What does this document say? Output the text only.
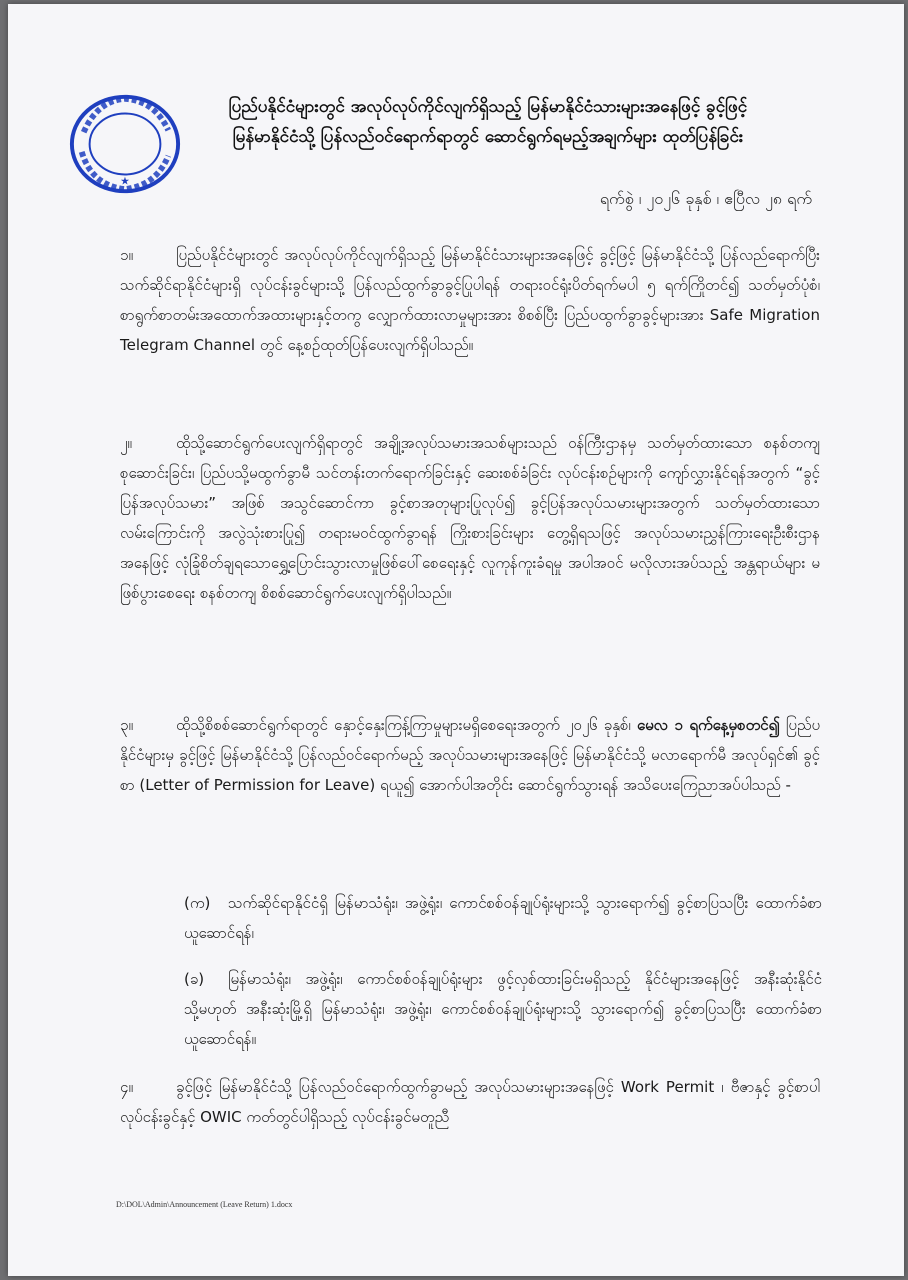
★
ပြည်ပနိုင်ငံများတွင် အလုပ်လုပ်ကိုင်လျက်ရှိသည့် မြန်မာနိုင်ငံသားများအနေဖြင့် ခွင့်ဖြင့်
မြန်မာနိုင်ငံသို့ ပြန်လည်ဝင်ရောက်ရာတွင် ဆောင်ရွက်ရမည့်အချက်များ ထုတ်ပြန်ခြင်း
ရက်စွဲ ၊ ၂၀၂၆ ခုနှစ် ၊ ဧပြီလ ၂၈ ရက်
၁။	ပြည်ပနိုင်ငံများတွင် အလုပ်လုပ်ကိုင်လျက်ရှိသည့် မြန်မာနိုင်ငံသားများအနေဖြင့် ခွင့်ဖြင့် မြန်မာနိုင်ငံသို့ ပြန်လည်ရောက်ပြီး သက်ဆိုင်ရာနိုင်ငံများရှိ လုပ်ငန်းခွင်များသို့ ပြန်လည်ထွက်ခွာခွင့်ပြုပါရန် တရားဝင်ရုံးပိတ်ရက်မပါ ၅ ရက်ကြိုတင်၍ သတ်မှတ်ပုံစံ၊ စာရွက်စာတမ်းအထောက်အထားများနှင့်တကွ လျှောက်ထားလာမှုများအား စိစစ်ပြီး ပြည်ပထွက်ခွာခွင့်များအား Safe Migration Telegram Channel တွင် နေ့စဉ်ထုတ်ပြန်ပေးလျက်ရှိပါသည်။
၂။	ထိုသို့ဆောင်ရွက်ပေးလျက်ရှိရာတွင် အချို့အလုပ်သမားအသစ်များသည် ဝန်ကြီးဌာနမှ သတ်မှတ်ထားသော စနစ်တကျ စုဆောင်းခြင်း၊ ပြည်ပသို့မထွက်ခွာမီ သင်တန်းတက်ရောက်ခြင်းနှင့် ဆေးစစ်ခံခြင်း လုပ်ငန်းစဉ်များကို ကျော်လွှားနိုင်ရန်အတွက် “ခွင့်ပြန်အလုပ်သမား” အဖြစ် အသွင်ဆောင်ကာ ခွင့်စာအတုများပြုလုပ်၍ ခွင့်ပြန်အလုပ်သမားများအတွက် သတ်မှတ်ထားသောလမ်းကြောင်းကို အလွဲသုံးစားပြု၍ တရားမဝင်ထွက်ခွာရန် ကြိုးစားခြင်းများ တွေ့ရှိရသဖြင့် အလုပ်သမားညွှန်ကြားရေးဦးစီးဌာနအနေဖြင့် လုံခြုံစိတ်ချရသောရွှေ့ပြောင်းသွားလာမှုဖြစ်ပေါ်စေရေးနှင့် လူကုန်ကူးခံရမှု အပါအဝင် မလိုလားအပ်သည့် အန္တရာယ်များ မဖြစ်ပွားစေရေး စနစ်တကျ စိစစ်ဆောင်ရွက်ပေးလျက်ရှိပါသည်။
၃။	ထိုသို့စိစစ်ဆောင်ရွက်ရာတွင် နှောင့်နှေးကြန့်ကြာမှုများမရှိစေရေးအတွက် ၂၀၂၆ ခုနှစ်၊ မေလ ၁ ရက်နေ့မှစတင်၍ ပြည်ပနိုင်ငံများမှ ခွင့်ဖြင့် မြန်မာနိုင်ငံသို့ ပြန်လည်ဝင်ရောက်မည့် အလုပ်သမားများအနေဖြင့် မြန်မာနိုင်ငံသို့ မလာရောက်မီ အလုပ်ရှင်၏ ခွင့်စာ (Letter of Permission for Leave) ရယူ၍ အောက်ပါအတိုင်း ဆောင်ရွက်သွားရန် အသိပေးကြေညာအပ်ပါသည် -
(က) သက်ဆိုင်ရာနိုင်ငံရှိ မြန်မာသံရုံး၊ အဖွဲ့ရုံး၊ ကောင်စစ်ဝန်ချုပ်ရုံးများသို့ သွားရောက်၍ ခွင့်စာပြသပြီး ထောက်ခံစာယူဆောင်ရန်၊
(ခ) မြန်မာသံရုံး၊ အဖွဲ့ရုံး၊ ကောင်စစ်ဝန်ချုပ်ရုံးများ ဖွင့်လှစ်ထားခြင်းမရှိသည့် နိုင်ငံများအနေဖြင့် အနီးဆုံးနိုင်ငံ သို့မဟုတ် အနီးဆုံးမြို့ရှိ မြန်မာသံရုံး၊ အဖွဲ့ရုံး၊ ကောင်စစ်ဝန်ချုပ်ရုံးများသို့ သွားရောက်၍ ခွင့်စာပြသပြီး ထောက်ခံစာယူဆောင်ရန်။
၄။	ခွင့်ဖြင့် မြန်မာနိုင်ငံသို့ ပြန်လည်ဝင်ရောက်ထွက်ခွာမည့် အလုပ်သမားများအနေဖြင့် Work Permit ၊ ဗီဇာနှင့် ခွင့်စာပါ လုပ်ငန်းခွင်နှင့် OWIC ကတ်တွင်ပါရှိသည့် လုပ်ငန်းခွင်မတူညီ
D:\DOL\Admin\Announcement (Leave Return) 1.docx
